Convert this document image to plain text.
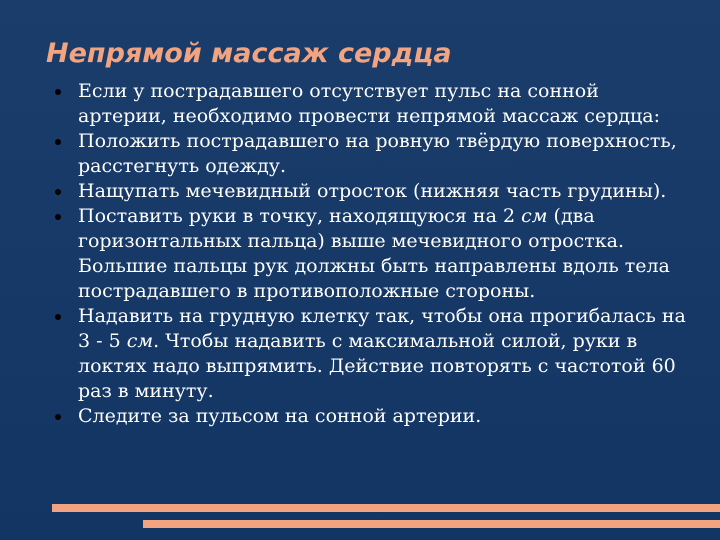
Непрямой массаж сердца
Если у пострадавшего отсутствует пульс на сонной артерии, необходимо провести непрямой массаж сердца:
Положить пострадавшего на ровную твёрдую поверхность, расстегнуть одежду.
Нащупать мечевидный отросток (нижняя часть грудины).
Поставить руки в точку, находящуюся на 2 см (два горизонтальных пальца) выше мечевидного отростка. Большие пальцы рук должны быть направлены вдоль тела пострадавшего в противоположные стороны.
Надавить на грудную клетку так, чтобы она прогибалась на 3 - 5 см. Чтобы надавить с максимальной силой, руки в локтях надо выпрямить. Действие повторять с частотой 60 раз в минуту.
Следите за пульсом на сонной артерии.
